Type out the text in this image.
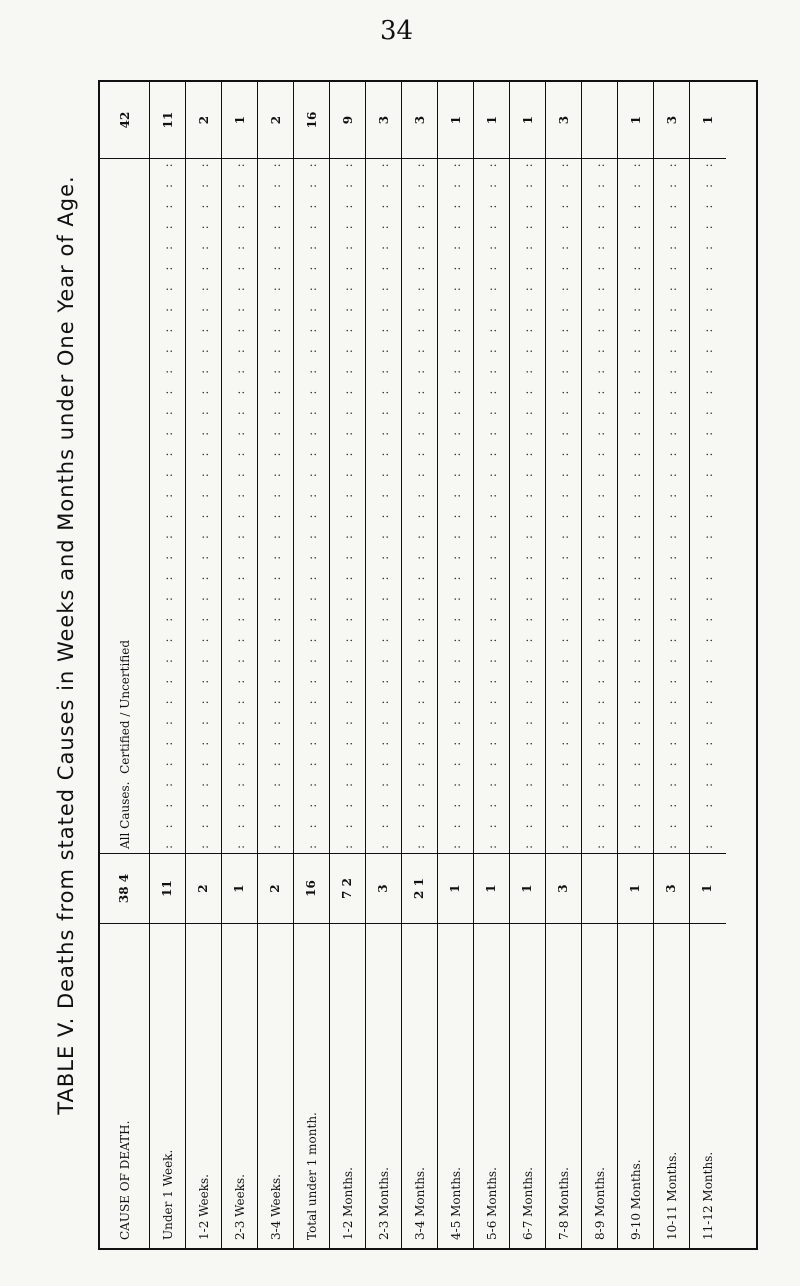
34
TABLE V. Deaths from stated Causes in Weeks and Months under One Year of Age.
CAUSE OF DEATH.
38 4
All Causes.

Certified
/
Uncertified
42
Under 1 Week.
11
:
:
:
:
:
:
:
:
:
:
:
:
:
:
:
:
:
:
:
:
:
:
:
:
:
:
:
:
:
:
:
:
:
:
11
1-2 Weeks.
2
:
:
:
:
:
:
:
:
:
:
:
:
:
:
:
:
:
:
:
:
:
:
:
:
:
:
:
:
:
:
:
:
:
:
2
2-3 Weeks.
1
:
:
:
:
:
:
:
:
:
:
:
:
:
:
:
:
:
:
:
:
:
:
:
:
:
:
:
:
:
:
:
:
:
:
1
3-4 Weeks.
2
:
:
:
:
:
:
:
:
:
:
:
:
:
:
:
:
:
:
:
:
:
:
:
:
:
:
:
:
:
:
:
:
:
:
2
Total under 1 month.
16
:
:
:
:
:
:
:
:
:
:
:
:
:
:
:
:
:
:
:
:
:
:
:
:
:
:
:
:
:
:
:
:
:
:
16
1-2 Months.
7 2
:
:
:
:
:
:
:
:
:
:
:
:
:
:
:
:
:
:
:
:
:
:
:
:
:
:
:
:
:
:
:
:
:
:
9
2-3 Months.
3
:
:
:
:
:
:
:
:
:
:
:
:
:
:
:
:
:
:
:
:
:
:
:
:
:
:
:
:
:
:
:
:
:
:
3
3-4 Months.
2 1
:
:
:
:
:
:
:
:
:
:
:
:
:
:
:
:
:
:
:
:
:
:
:
:
:
:
:
:
:
:
:
:
:
:
3
4-5 Months.
1
:
:
:
:
:
:
:
:
:
:
:
:
:
:
:
:
:
:
:
:
:
:
:
:
:
:
:
:
:
:
:
:
:
:
1
5-6 Months.
1
:
:
:
:
:
:
:
:
:
:
:
:
:
:
:
:
:
:
:
:
:
:
:
:
:
:
:
:
:
:
:
:
:
:
1
6-7 Months.
1
:
:
:
:
:
:
:
:
:
:
:
:
:
:
:
:
:
:
:
:
:
:
:
:
:
:
:
:
:
:
:
:
:
:
1
7-8 Months.
3
:
:
:
:
:
:
:
:
:
:
:
:
:
:
:
:
:
:
:
:
:
:
:
:
:
:
:
:
:
:
:
:
:
:
3
8-9 Months.
:
:
:
:
:
:
:
:
:
:
:
:
:
:
:
:
:
:
:
:
:
:
:
:
:
:
:
:
:
:
:
:
:
:
9-10 Months.
1
:
:
:
:
:
:
:
:
:
:
:
:
:
:
:
:
:
:
:
:
:
:
:
:
:
:
:
:
:
:
:
:
:
:
1
10-11 Months.
3
:
:
:
:
:
:
:
:
:
:
:
:
:
:
:
:
:
:
:
:
:
:
:
:
:
:
:
:
:
:
:
:
:
:
3
11-12 Months.
1
:
:
:
:
:
:
:
:
:
:
:
:
:
:
:
:
:
:
:
:
:
:
:
:
:
:
:
:
:
:
:
:
:
:
1
